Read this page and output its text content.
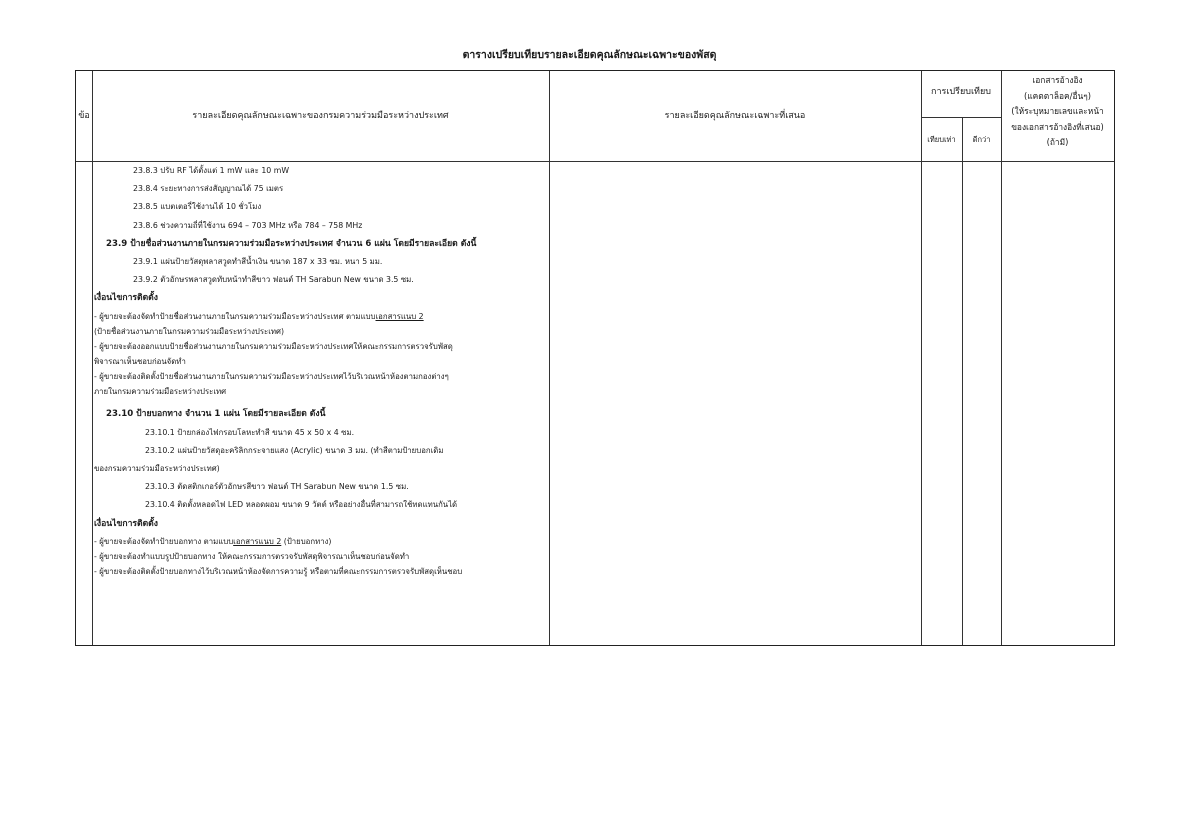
ตารางเปรียบเทียบรายละเอียดคุณลักษณะเฉพาะของพัสดุ
ข้อ	รายละเอียดคุณลักษณะเฉพาะของกรมความร่วมมือระหว่างประเทศ	รายละเอียดคุณลักษณะเฉพาะที่เสนอ
การเปรียบเทียบ
เทียบเท่า	ดีกว่า
เอกสารอ้างอิง
(แคตตาล็อค/อื่นๆ)
(ให้ระบุหมายเลขและหน้า
ของเอกสารอ้างอิงที่เสนอ)
(ถ้ามี)
23.8.3 ปรับ RF ได้ตั้งแต่ 1 mW และ 10 mW
23.8.4 ระยะทางการส่งสัญญาณได้ 75 เมตร
23.8.5 แบตเตอรี่ใช้งานได้ 10 ชั่วโมง
23.8.6 ช่วงความถี่ที่ใช้งาน 694 – 703 MHz หรือ 784 – 758 MHz
23.9 ป้ายชื่อส่วนงานภายในกรมความร่วมมือระหว่างประเทศ จำนวน 6 แผ่น โดยมีรายละเอียด ดังนี้
23.9.1 แผ่นป้ายวัสดุพลาสวูดทำสีน้ำเงิน ขนาด 187 x 33 ซม. หนา 5 มม.
23.9.2 ตัวอักษรพลาสวูดทับหน้าทำสีขาว ฟอนต์ TH Sarabun New ขนาด 3.5 ซม.
เงื่อนไขการติดตั้ง
- ผู้ขายจะต้องจัดทำป้ายชื่อส่วนงานภายในกรมความร่วมมือระหว่างประเทศ ตามแบบเอกสารแนบ 2
(ป้ายชื่อส่วนงานภายในกรมความร่วมมือระหว่างประเทศ)
- ผู้ขายจะต้องออกแบบป้ายชื่อส่วนงานภายในกรมความร่วมมือระหว่างประเทศให้คณะกรรมการตรวจรับพัสดุ
พิจารณาเห็นชอบก่อนจัดทำ
- ผู้ขายจะต้องติดตั้งป้ายชื่อส่วนงานภายในกรมความร่วมมือระหว่างประเทศไว้บริเวณหน้าห้องตามกองต่างๆ
ภายในกรมความร่วมมือระหว่างประเทศ
23.10 ป้ายบอกทาง จำนวน 1 แผ่น โดยมีรายละเอียด ดังนี้
23.10.1 ป้ายกล่องไฟกรอบโลหะทำสี ขนาด 45 x 50 x 4 ซม.
23.10.2 แผ่นป้ายวัสดุอะคริลิกกระจายแสง (Acrylic) ขนาด 3 มม. (ทำสีตามป้ายบอกเดิม
ของกรมความร่วมมือระหว่างประเทศ)
23.10.3 ตัดสติกเกอร์ตัวอักษรสีขาว ฟอนต์ TH Sarabun New ขนาด 1.5 ซม.
23.10.4 ติดตั้งหลอดไฟ LED หลอดผอม ขนาด 9 วัตต์ หรืออย่างอื่นที่สามารถใช้ทดแทนกันได้
เงื่อนไขการติดตั้ง
- ผู้ขายจะต้องจัดทำป้ายบอกทาง ตามแบบเอกสารแนบ 2 (ป้ายบอกทาง)
- ผู้ขายจะต้องทำแบบรูปป้ายบอกทาง ให้คณะกรรมการตรวจรับพัสดุพิจารณาเห็นชอบก่อนจัดทำ
- ผู้ขายจะต้องติดตั้งป้ายบอกทางไว้บริเวณหน้าห้องจัดการความรู้ หรือตามที่คณะกรรมการตรวจรับพัสดุเห็นชอบ
